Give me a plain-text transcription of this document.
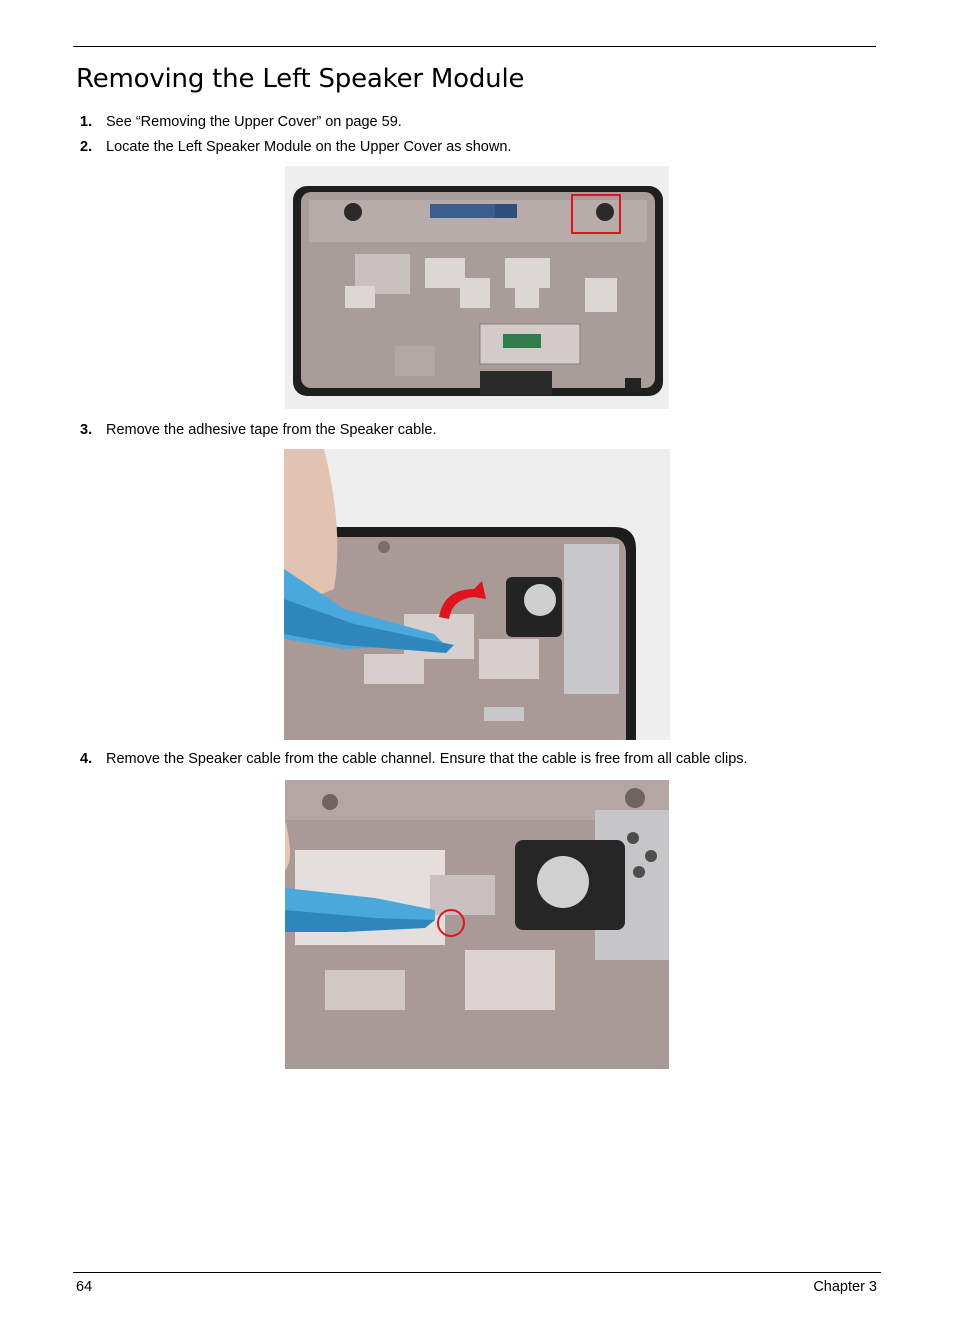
Removing the Left Speaker Module
1. See “Removing the Upper Cover” on page 59.
2. Locate the Left Speaker Module on the Upper Cover as shown.
3. Remove the adhesive tape from the Speaker cable.
4. Remove the Speaker cable from the cable channel. Ensure that the cable is free from all cable clips.
64	Chapter 3
